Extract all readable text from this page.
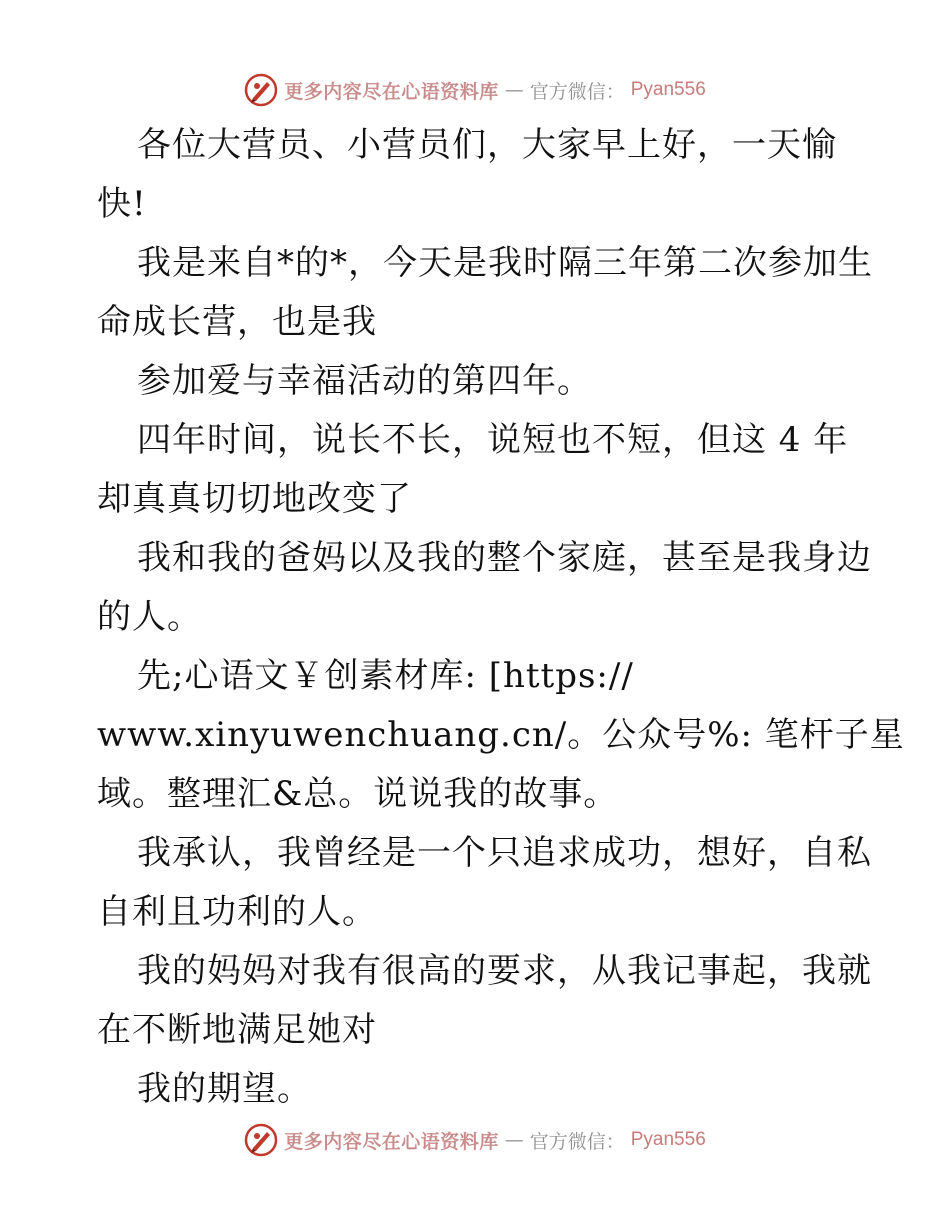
更多内容尽在心语资料库 — 官方微信： Pyan556
各位大营员、小营员们，大家早上好，一天愉
快!
我是来自*的*，今天是我时隔三年第二次参加生
命成长营，也是我
参加爱与幸福活动的第四年。
四年时间，说长不长，说短也不短，但这 4 年
却真真切切地改变了
我和我的爸妈以及我的整个家庭，甚至是我身边
的人。
先;心语文￥创素材库: [https://
www.xinyuwenchuang.cn/。公众号%: 笔杆子星
域。整理汇&总。说说我的故事。
我承认，我曾经是一个只追求成功，想好，自私
自利且功利的人。
我的妈妈对我有很高的要求，从我记事起，我就
在不断地满足她对
我的期望。
更多内容尽在心语资料库 — 官方微信： Pyan556
